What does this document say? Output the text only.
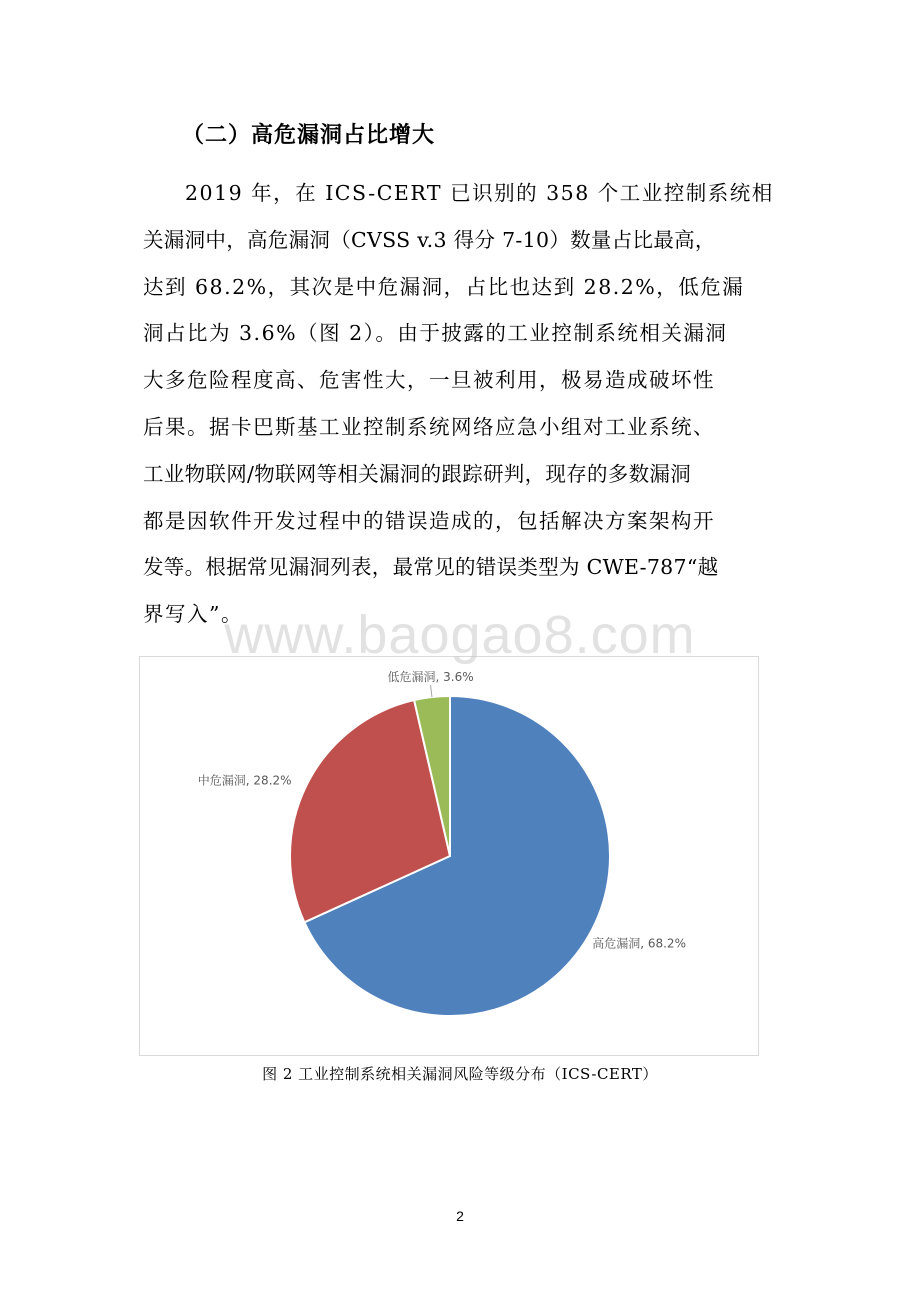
（二）高危漏洞占比增大
2019 年，在 ICS-CERT 已识别的 358 个工业控制系统相
关漏洞中，高危漏洞（CVSS v.3 得分 7-10）数量占比最高，
达到 68.2%，其次是中危漏洞，占比也达到 28.2%，低危漏
洞占比为 3.6%（图 2）。由于披露的工业控制系统相关漏洞
大多危险程度高、危害性大，一旦被利用，极易造成破坏性
后果。据卡巴斯基工业控制系统网络应急小组对工业系统、
工业物联网/物联网等相关漏洞的跟踪研判，现存的多数漏洞
都是因软件开发过程中的错误造成的，包括解决方案架构开
发等。根据常见漏洞列表，最常见的错误类型为 CWE-787“越
界写入”。
高危漏洞, 68.2%
中危漏洞, 28.2%
低危漏洞, 3.6%
www.baogao8.com
图 2 工业控制系统相关漏洞风险等级分布（ICS-CERT）
2
